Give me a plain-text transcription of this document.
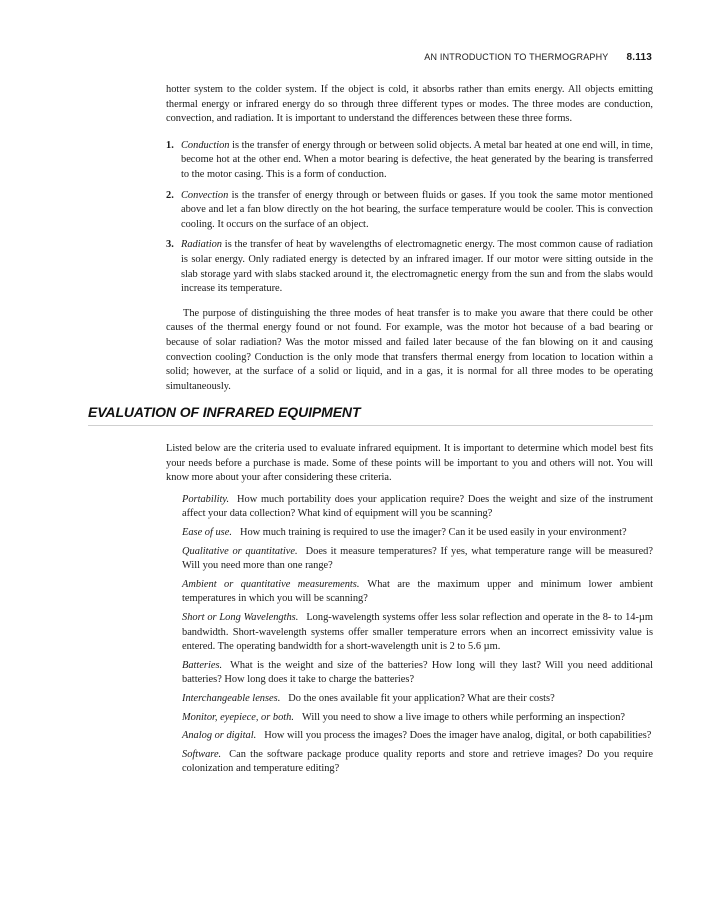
AN INTRODUCTION TO THERMOGRAPHY 8.113

hotter system to the colder system. If the object is cold, it absorbs rather than emits energy. All objects emitting thermal energy or infrared energy do so through three different types or modes. The three modes are conduction, convection, and radiation. It is important to understand the differences between these three forms.

1. Conduction is the transfer of energy through or between solid objects. A metal bar heated at one end will, in time, become hot at the other end. When a motor bearing is defective, the heat generated by the bearing is transferred to the motor casing. This is a form of conduction.
2. Convection is the transfer of energy through or between fluids or gases. If you took the same motor mentioned above and let a fan blow directly on the hot bearing, the surface temperature would be cooler. This is convection cooling. It occurs on the surface of an object.
3. Radiation is the transfer of heat by wavelengths of electromagnetic energy. The most common cause of radiation is solar energy. Only radiated energy is detected by an infrared imager. If our motor were sitting outside in the slab storage yard with slabs stacked around it, the electromagnetic energy from the sun and from the slabs would increase its temperature.

The purpose of distinguishing the three modes of heat transfer is to make you aware that there could be other causes of the thermal energy found or not found. For example, was the motor hot because of a bad bearing or because of solar radiation? Was the motor missed and failed later because of the fan blowing on it and causing convection cooling? Conduction is the only mode that transfers thermal energy from location to location within a solid; however, at the surface of a solid or liquid, and in a gas, it is normal for all three modes to be operating simultaneously.

EVALUATION OF INFRARED EQUIPMENT

Listed below are the criteria used to evaluate infrared equipment. It is important to determine which model best fits your needs before a purchase is made. Some of these points will be important to you and others will not. You will know more about your after considering these criteria.

Portability. How much portability does your application require? Does the weight and size of the instrument affect your data collection? What kind of equipment will you be scanning?

Ease of use. How much training is required to use the imager? Can it be used easily in your environment?

Qualitative or quantitative. Does it measure temperatures? If yes, what temperature range will be measured? Will you need more than one range?

Ambient or quantitative measurements. What are the maximum upper and minimum lower ambient temperatures in which you will be scanning?

Short or Long Wavelengths. Long-wavelength systems offer less solar reflection and operate in the 8- to 14-µm bandwidth. Short-wavelength systems offer smaller temperature errors when an incorrect emissivity value is entered. The operating bandwidth for a short-wavelength unit is 2 to 5.6 µm.

Batteries. What is the weight and size of the batteries? How long will they last? Will you need additional batteries? How long does it take to charge the batteries?

Interchangeable lenses. Do the ones available fit your application? What are their costs?

Monitor, eyepiece, or both. Will you need to show a live image to others while performing an inspection?

Analog or digital. How will you process the images? Does the imager have analog, digital, or both capabilities?

Software. Can the software package produce quality reports and store and retrieve images? Do you require colonization and temperature editing?
